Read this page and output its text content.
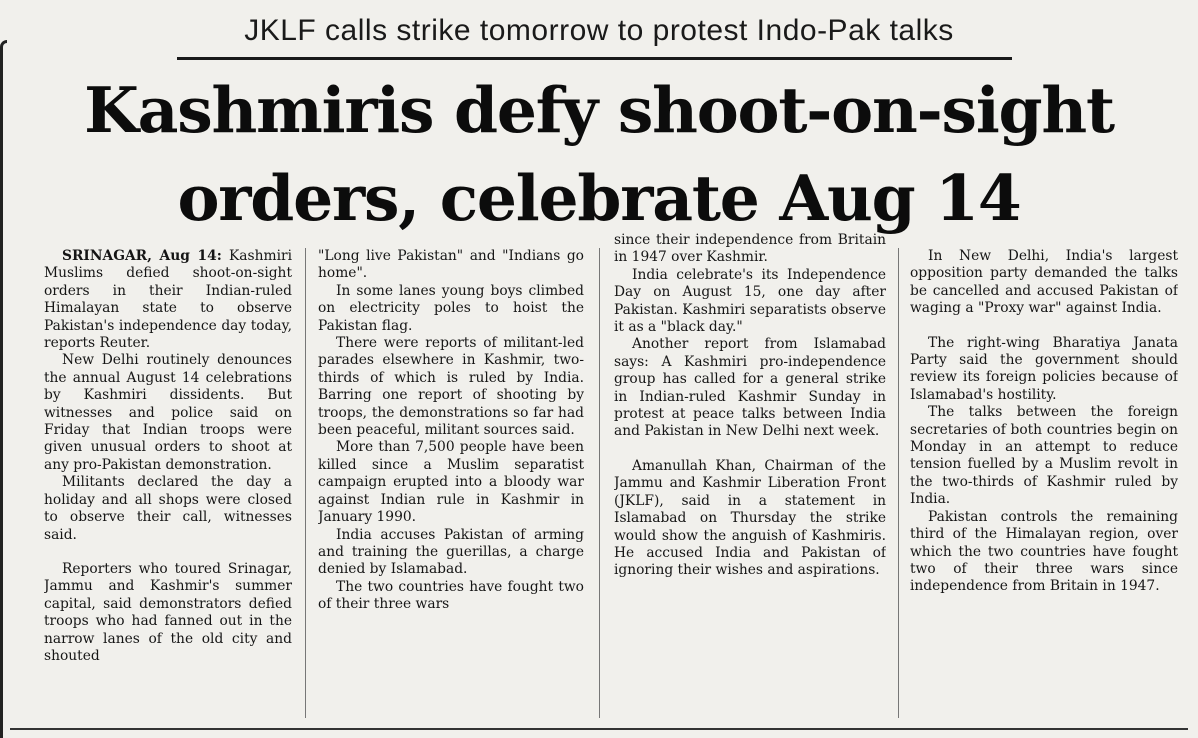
JKLF calls strike tomorrow to protest Indo-Pak talks
Kashmiris defy shoot-on-sight
orders, celebrate Aug 14

SRINAGAR, Aug 14: Kashmiri Muslims defied shoot-on-sight orders in their Indian-ruled Himalayan state to observe Pakistan's independence day today, reports Reuter.

New Delhi routinely denounces the annual August 14 celebrations by Kashmiri dissidents. But witnesses and police said on Friday that Indian troops were given unusual orders to shoot at any pro-Pakistan demonstration.

Militants declared the day a holiday and all shops were closed to observe their call, witnesses said.

Reporters who toured Srinagar, Jammu and Kashmir's summer capital, said demonstrators defied troops who had fanned out in the narrow lanes of the old city and shouted

"Long live Pakistan" and "Indians go home".

In some lanes young boys climbed on electricity poles to hoist the Pakistan flag.

There were reports of militant-led parades elsewhere in Kashmir, two-thirds of which is ruled by India. Barring one report of shooting by troops, the demonstrations so far had been peaceful, militant sources said.

More than 7,500 people have been killed since a Muslim separatist campaign erupted into a bloody war against Indian rule in Kashmir in January 1990.

India accuses Pakistan of arming and training the guerillas, a charge denied by Islamabad.

The two countries have fought two of their three wars

since their independence from Britain in 1947 over Kashmir.

India celebrate's its Independence Day on August 15, one day after Pakistan. Kashmiri separatists observe it as a "black day."

Another report from Islamabad says: A Kashmiri pro-independence group has called for a general strike in Indian-ruled Kashmir Sunday in protest at peace talks between India and Pakistan in New Delhi next week.

Amanullah Khan, Chairman of the Jammu and Kashmir Liberation Front (JKLF), said in a statement in Islamabad on Thursday the strike would show the anguish of Kashmiris. He accused India and Pakistan of ignoring their wishes and aspirations.

In New Delhi, India's largest opposition party demanded the talks be cancelled and accused Pakistan of waging a "Proxy war" against India.

The right-wing Bharatiya Janata Party said the government should review its foreign policies because of Islamabad's hostility.

The talks between the foreign secretaries of both countries begin on Monday in an attempt to reduce tension fuelled by a Muslim revolt in the two-thirds of Kashmir ruled by India.

Pakistan controls the remaining third of the Himalayan region, over which the two countries have fought two of their three wars since independence from Britain in 1947.
